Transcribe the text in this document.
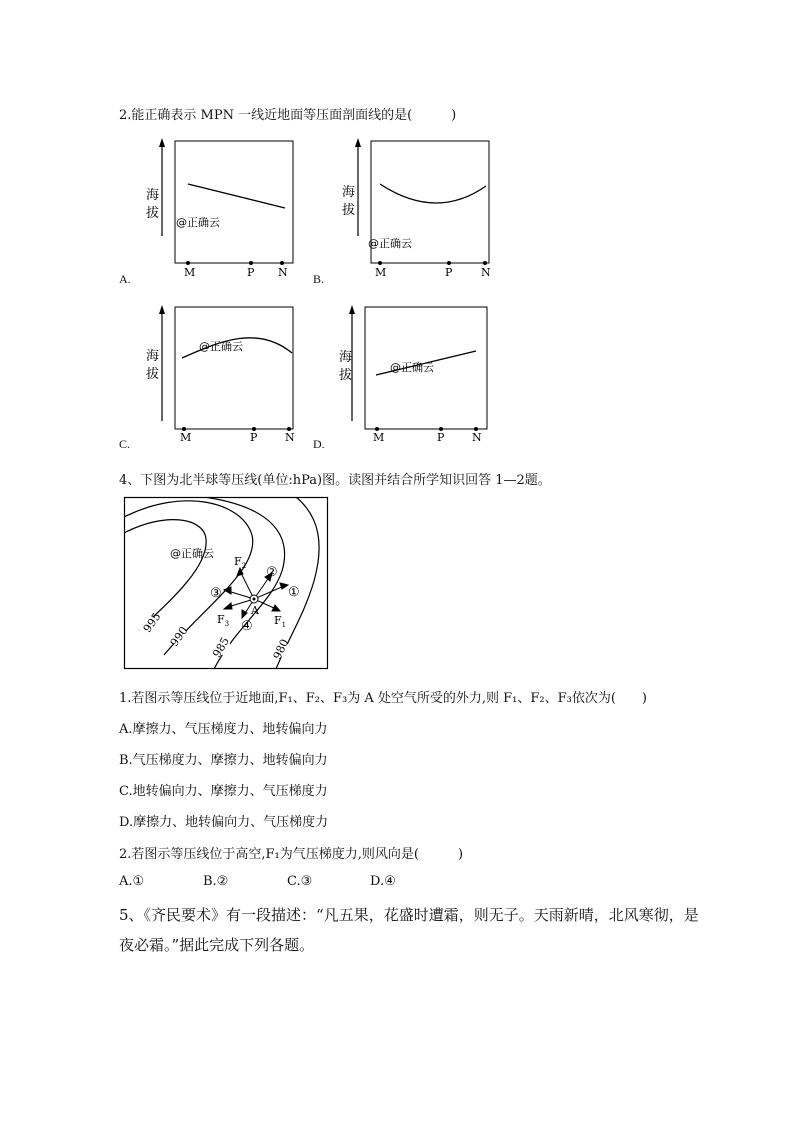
2.能正确表示 MPN 一线近地面等压面剖面线的是(　　　)
海
拔
@正确云
M	P N
A.
海
拔
@正确云
M	P	N
B.
海
拔
@正确云
M	P	N
C.
海
拔
@正确云
M	P	N
D.
4、下图为北半球等压线(单位:hPa)图。读图并结合所学知识回答 1—2题。
995
990 985	980
@正确云
$F_2$
$F_1$
$F_3$
A
①
②
③
④
1.若图示等压线位于近地面,F₁、F₂、F₃为 A 处空气所受的外力,则 F₁、F₂、F₃依次为(　　)
A.摩擦力、气压梯度力、地转偏向力
B.气压梯度力、摩擦力、地转偏向力
C.地转偏向力、摩擦力、气压梯度力
D.摩擦力、地转偏向力、气压梯度力
2.若图示等压线位于高空,F₁为气压梯度力,则风向是(　　　)
A.①	B.②	C.③	D.④
5、《齐民要术》有一段描述：“凡五果，花盛时遭霜，则无子。天雨新晴，北风寒彻，是
夜必霜。”据此完成下列各题。
